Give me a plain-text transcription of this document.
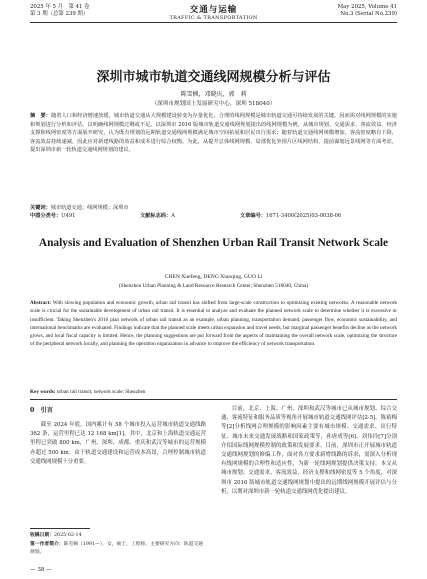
2025 年 5 月　第 41 卷
第 3 期（总第 239 期）	交通与运输
TRAFFIC & TRANSPORTATION
May 2025, Volume 41
No.3 (Serial No.239)
深圳市城市轨道交通线网规模分析与评估
陈雪枫，邓晓庆，郭　莉
（深圳市规划国土发展研究中心，深圳 518040）
摘　要：随着人口和经济增速放缓，城市轨道交通从大规模建设转变为存量优化，合理的线网规模是城市轨道交通可持续发展的关键。因而需对线网规模的实施和规划进行分析和评估，以明确线网规模过剩或不足。以深圳市 2016 版城市轨道交通线网规划提出的线网规模为例，从城市规划、交通需求、客流效益、经济支撑和线网密度等方面展开研究，认为既有规划的远期轨道交通线网规模满足城市空间拓展和居民出行需求；随着轨道交通线网规模增加，客流密度略有下降，客流效益持续递减，因此应对新建线路的效益和成本进行综合权衡。为此，从提升总体线网规模、局部优化外围片区线网结构、提前谋划远景线网等方面考虑，提出深圳市新一轮轨道交通线网规划的建议。
关键词：城市轨道交通；线网规模；深圳市
中图分类号：U491	文献标志码：A	文章编号：1671-3400(2025)03-0038-06
Analysis and Evaluation of Shenzhen Urban Rail Transit Network Scale
CHEN Xuefeng, DENG Xiaoqing, GUO Li
(Shenzhen Urban Planning & Land Resource Research Center, Shenzhen 518040, China)
Abstract: With slowing population and economic growth, urban rail transit has shifted from large-scale construction to optimizing existing networks. A reasonable network scale is crucial for the sustainable development of urban rail transit. It is essential to analyze and evaluate the planned network scale to determine whether it is excessive or insufficient. Taking Shenzhen's 2016 plan network of urban rail transit as an example, urban planning, transportation demand, passenger flow, economic sustainability, and international benchmarks are evaluated. Findings indicate that the planned scale meets urban expansion and travel needs, but marginal passenger benefits decline as the network grows, and local fiscal capacity is limited. Hence, the planning suggestions are put forward from the aspects of maintaining the overall network scale, optimizing the structure of the peripheral network locally, and planning the operation organization in advance to improve the efficiency of network transportation.
Key words: urban rail transit; network scale; Shenzhen
0　引言
截至 2024 年底，国内累计有 58 个城市投入运营城市轨道交通线路 362 条，运营里程已达 12 168 km[1]。其中，北京和上海轨道交通运营里程已突破 800 km，广州、深圳、成都、重庆和武汉等城市的运营规模亦超过 500 km。由于轨道交通建设和运营成本高昂，合理控制城市轨道交通线网规模十分重要。
目前，北京、上海、广州、深圳和武汉等城市已从城市规划、综合交通、客流特征和服务品质等视角开展城市轨道交通线网评估[2-5]。陈裕梅等[2]分析线网合理规模的影响因素主要有城市规模、交通需求、出行特征、城市未来交通发展战略和国家政策等，孙唐成等[6]、刘伟玲[7]分别介绍国际线网规模控制的政策和发展要求。目前，深圳市正开展城市轨道交通线网规划的修编工作，面对各方要求新增线路的诉求，需深入分析现有线网规模的合理性和适应性，为新一轮线网规划提供决策支持。本文从城市规划、交通需求、客流效益、经济支撑和线网密度等 5 个角度，对深圳市 2016 版城市轨道交通线网规划中提出的远期线网规模开展评估与分析，以期对深圳市新一轮轨道交通线网优化提出建议。
收稿日期：2025-02-14
第一作者简介：陈雪枫（1991—），女，硕士，工程师，主要研究方向：轨道交通规划。
— 38 —
